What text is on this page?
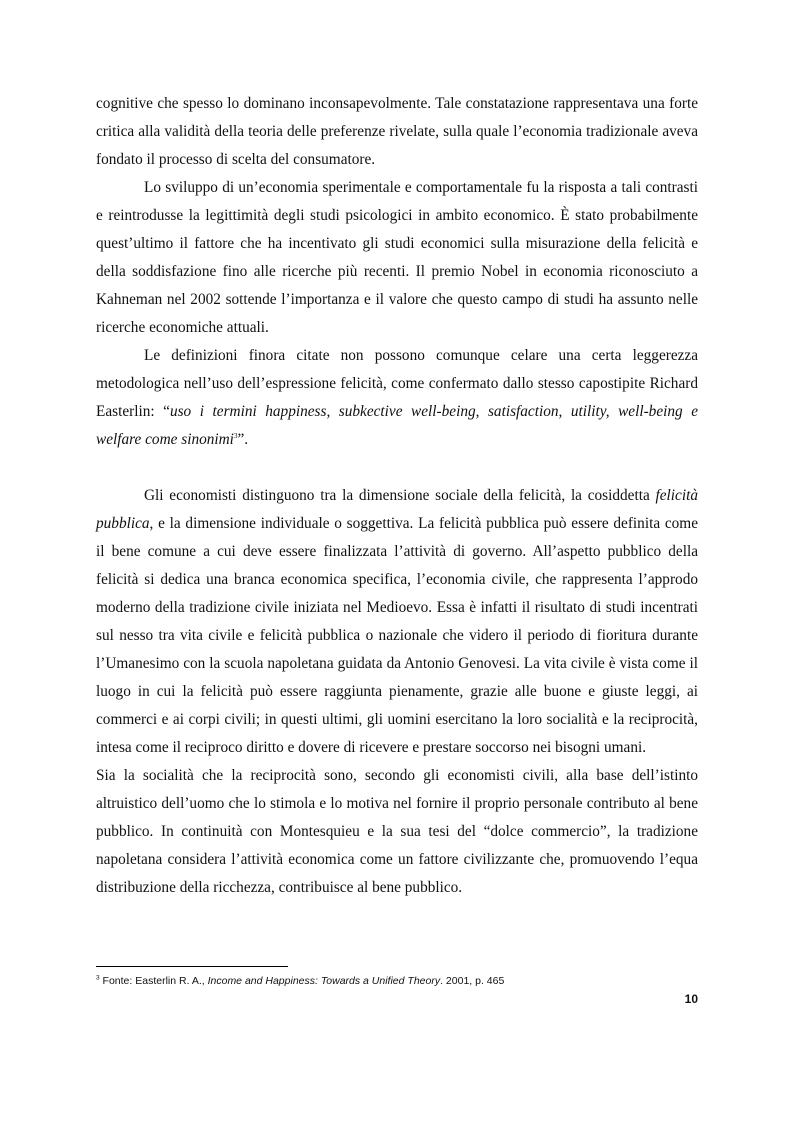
cognitive che spesso lo dominano inconsapevolmente. Tale constatazione rappresentava una forte critica alla validità della teoria delle preferenze rivelate, sulla quale l’economia tradizionale aveva fondato il processo di scelta del consumatore.

Lo sviluppo di un’economia sperimentale e comportamentale fu la risposta a tali contrasti e reintrodusse la legittimità degli studi psicologici in ambito economico. È stato probabilmente quest’ultimo il fattore che ha incentivato gli studi economici sulla misurazione della felicità e della soddisfazione fino alle ricerche più recenti. Il premio Nobel in economia riconosciuto a Kahneman nel 2002 sottende l’importanza e il valore che questo campo di studi ha assunto nelle ricerche economiche attuali.

Le definizioni finora citate non possono comunque celare una certa leggerezza metodologica nell’uso dell’espressione felicità, come confermato dallo stesso capostipite Richard Easterlin: “uso i termini happiness, subkective well-being, satisfaction, utility, well-being e welfare come sinonimi$^3$”.

Gli economisti distinguono tra la dimensione sociale della felicità, la cosiddetta felicità pubblica, e la dimensione individuale o soggettiva. La felicità pubblica può essere definita come il bene comune a cui deve essere finalizzata l’attività di governo. All’aspetto pubblico della felicità si dedica una branca economica specifica, l’economia civile, che rappresenta l’approdo moderno della tradizione civile iniziata nel Medioevo. Essa è infatti il risultato di studi incentrati sul nesso tra vita civile e felicità pubblica o nazionale che videro il periodo di fioritura durante l’Umanesimo con la scuola napoletana guidata da Antonio Genovesi. La vita civile è vista come il luogo in cui la felicità può essere raggiunta pienamente, grazie alle buone e giuste leggi, ai commerci e ai corpi civili; in questi ultimi, gli uomini esercitano la loro socialità e la reciprocità, intesa come il reciproco diritto e dovere di ricevere e prestare soccorso nei bisogni umani.

Sia la socialità che la reciprocità sono, secondo gli economisti civili, alla base dell’istinto altruistico dell’uomo che lo stimola e lo motiva nel fornire il proprio personale contributo al bene pubblico. In continuità con Montesquieu e la sua tesi del “dolce commercio”, la tradizione napoletana considera l’attività economica come un fattore civilizzante che, promuovendo l’equa distribuzione della ricchezza, contribuisce al bene pubblico.

$^3$ Fonte: Easterlin R. A., Income and Happiness: Towards a Unified Theory. 2001, p. 465
10
